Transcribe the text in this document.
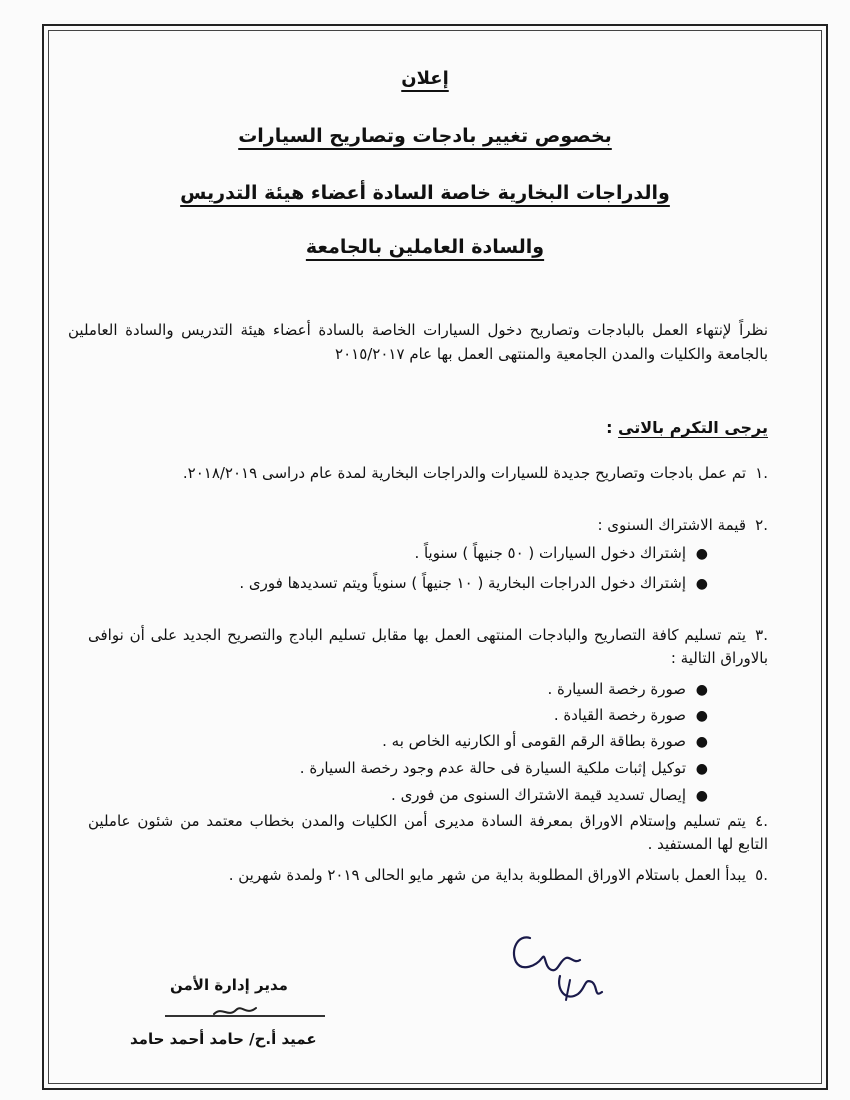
إعلان
بخصوص تغيير بادجات وتصاريح السيارات
والدراجات البخارية خاصة السادة أعضاء هيئة التدريس
والسادة العاملين بالجامعة
نظراً لإنتهاء العمل بالبادجات وتصاريح دخول السيارات الخاصة بالسادة أعضاء هيئة التدريس والسادة العاملين بالجامعة والكليات والمدن الجامعية والمنتهى العمل بها عام ٢٠١٥/٢٠١٧
يرجى التكرم بالاتى :
.١تم عمل بادجات وتصاريح جديدة للسيارات والدراجات البخارية لمدة عام دراسى ٢٠١٨/٢٠١٩.
.٢قيمة الاشتراك السنوى :
●إشتراك دخول السيارات ( ٥٠ جنيهاً ) سنوياً .
●إشتراك دخول الدراجات البخارية ( ١٠ جنيهاً ) سنوياً ويتم تسديدها فورى .
.٣يتم تسليم كافة التصاريح والبادجات المنتهى العمل بها مقابل تسليم البادج والتصريح الجديد على أن نوافى بالاوراق التالية :
●صورة رخصة السيارة .
●صورة رخصة القيادة .
●صورة بطاقة الرقم القومى أو الكارنيه الخاص به .
●توكيل إثبات ملكية السيارة فى حالة عدم وجود رخصة السيارة .
●إيصال تسديد قيمة الاشتراك السنوى من فورى .
.٤يتم تسليم وإستلام الاوراق بمعرفة السادة مديرى أمن الكليات والمدن بخطاب معتمد من شئون عاملين التابع لها المستفيد .
.٥يبدأ العمل باستلام الاوراق المطلوبة بداية من شهر مايو الحالى ٢٠١٩ ولمدة شهرين .
مدير إدارة الأمن
عميد أ.ح/ حامد أحمد حامد
